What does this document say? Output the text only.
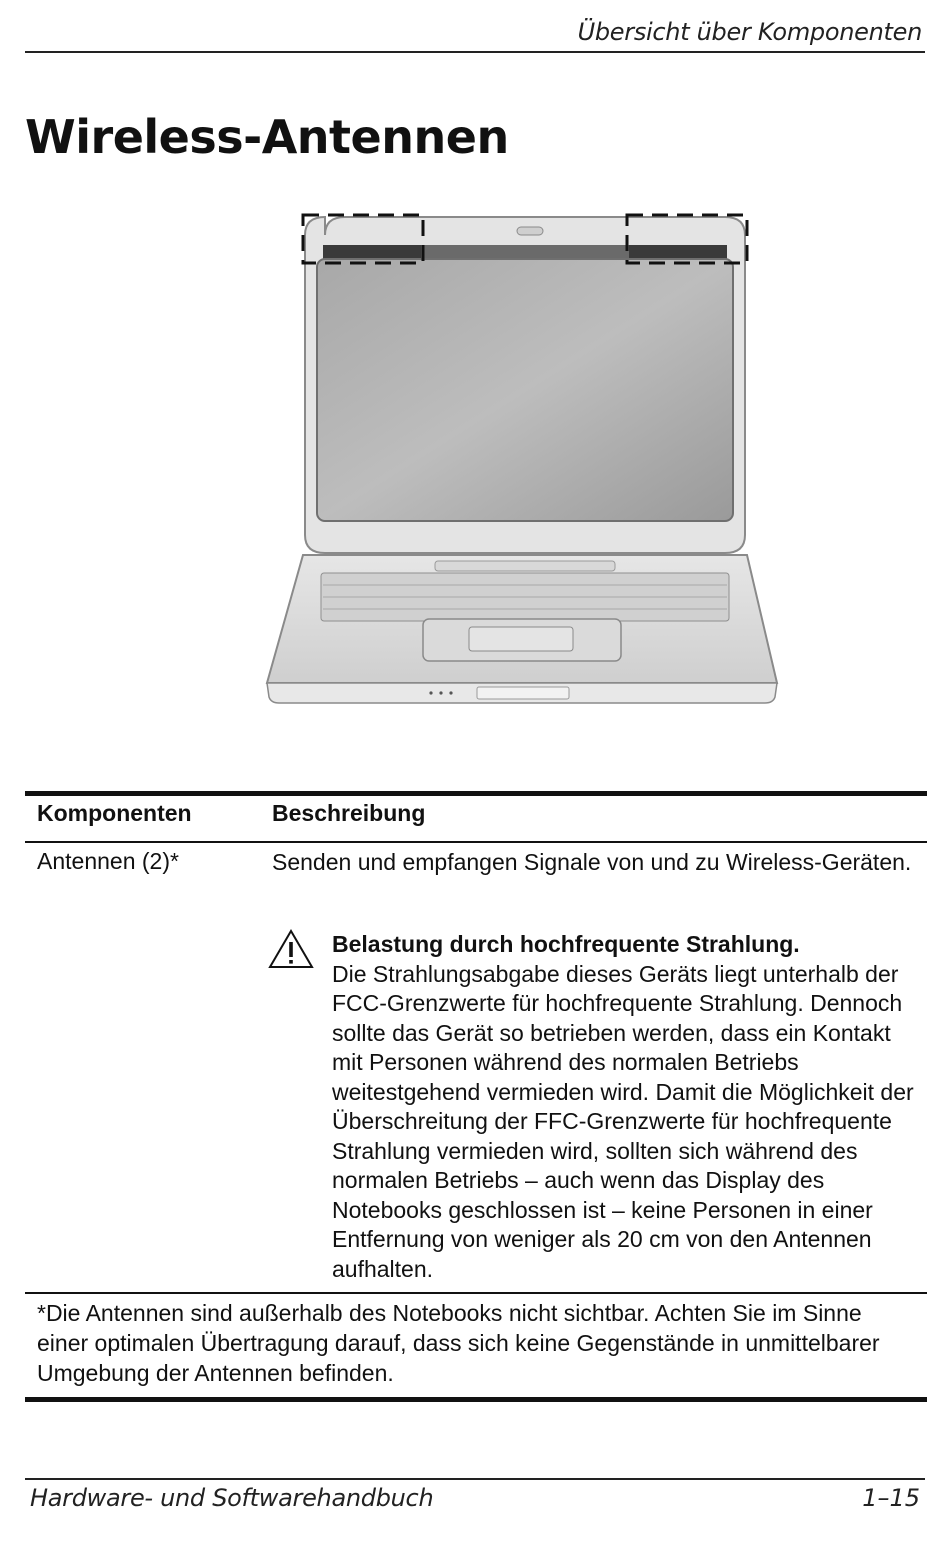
Übersicht über Komponenten
Wireless-Antennen
Komponenten	Beschreibung
Antennen (2)*	Senden und empfangen Signale von und zu Wireless-Geräten.
Belastung durch hochfrequente Strahlung.
Die Strahlungsabgabe dieses Geräts liegt unterhalb der FCC-Grenzwerte für hochfrequente Strahlung. Dennoch sollte das Gerät so betrieben werden, dass ein Kontakt mit Personen während des normalen Betriebs weitestgehend vermieden wird. Damit die Möglichkeit der Überschreitung der FFC-Grenzwerte für hochfrequente Strahlung vermieden wird, sollten sich während des normalen Betriebs – auch wenn das Display des Notebooks geschlossen ist – keine Personen in einer Entfernung von weniger als 20 cm von den Antennen aufhalten.
*Die Antennen sind außerhalb des Notebooks nicht sichtbar. Achten Sie im Sinne einer optimalen Übertragung darauf, dass sich keine Gegenstände in unmittelbarer Umgebung der Antennen befinden.
Hardware- und Softwarehandbuch	1–15
